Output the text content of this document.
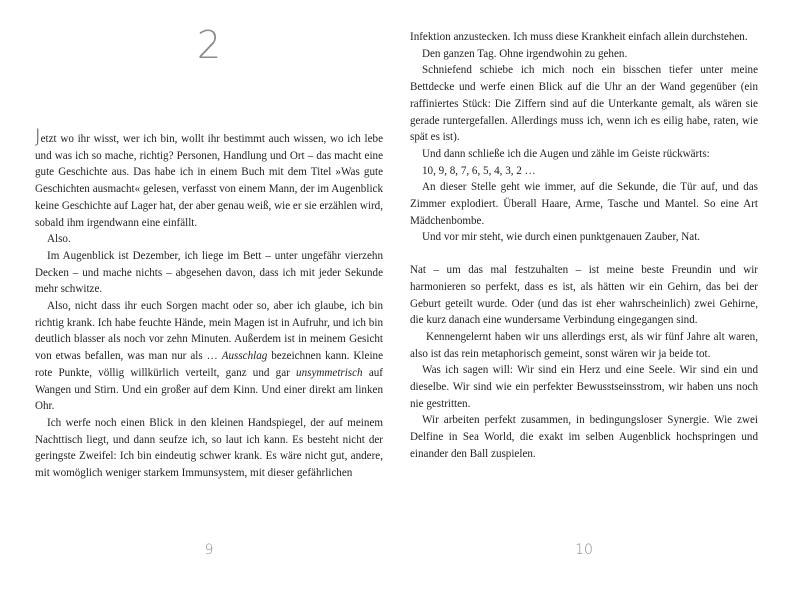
2

Jetzt wo ihr wisst, wer ich bin, wollt ihr bestimmt auch wissen, wo ich lebe und was ich so mache, richtig? Personen, Handlung und Ort – das macht eine gute Geschichte aus. Das habe ich in einem Buch mit dem Titel »Was gute Geschichten ausmacht« gelesen, verfasst von einem Mann, der im Augenblick keine Geschichte auf Lager hat, der aber genau weiß, wie er sie erzählen wird, sobald ihm irgendwann eine einfällt.

Also.

Im Augenblick ist Dezember, ich liege im Bett – unter ungefähr vierzehn Decken – und mache nichts – abgesehen davon, dass ich mit jeder Sekunde mehr schwitze.

Also, nicht dass ihr euch Sorgen macht oder so, aber ich glaube, ich bin richtig krank. Ich habe feuchte Hände, mein Magen ist in Aufruhr, und ich bin deutlich blasser als noch vor zehn Minuten. Außerdem ist in meinem Gesicht von etwas befallen, was man nur als … Ausschlag bezeichnen kann. Kleine rote Punkte, völlig willkürlich verteilt, ganz und gar unsymmetrisch auf Wangen und Stirn. Und ein großer auf dem Kinn. Und einer direkt am linken Ohr.

Ich werfe noch einen Blick in den kleinen Handspiegel, der auf meinem Nachttisch liegt, und dann seufze ich, so laut ich kann. Es besteht nicht der geringste Zweifel: Ich bin eindeutig schwer krank. Es wäre nicht gut, andere, mit womöglich weniger starkem Immunsystem, mit dieser gefährlichen

9

Infektion anzustecken. Ich muss diese Krankheit einfach allein durchstehen.

Den ganzen Tag. Ohne irgendwohin zu gehen.

Schniefend schiebe ich mich noch ein bisschen tiefer unter meine Bettdecke und werfe einen Blick auf die Uhr an der Wand gegenüber (ein raffiniertes Stück: Die Ziffern sind auf die Unterkante gemalt, als wären sie gerade runtergefallen. Allerdings muss ich, wenn ich es eilig habe, raten, wie spät es ist).

Und dann schließe ich die Augen und zähle im Geiste rückwärts:

10, 9, 8, 7, 6, 5, 4, 3, 2 …

An dieser Stelle geht wie immer, auf die Sekunde, die Tür auf, und das Zimmer explodiert. Überall Haare, Arme, Tasche und Mantel. So eine Art Mädchenbombe.

Und vor mir steht, wie durch einen punktgenauen Zauber, Nat.

Nat – um das mal festzuhalten – ist meine beste Freundin und wir harmonieren so perfekt, dass es ist, als hätten wir ein Gehirn, das bei der Geburt geteilt wurde. Oder (und das ist eher wahrscheinlich) zwei Gehirne, die kurz danach eine wundersame Verbindung eingegangen sind.

Kennengelernt haben wir uns allerdings erst, als wir fünf Jahre alt waren, also ist das rein metaphorisch gemeint, sonst wären wir ja beide tot.

Was ich sagen will: Wir sind ein Herz und eine Seele. Wir sind ein und dieselbe. Wir sind wie ein perfekter Bewusstseinsstrom, wir haben uns noch nie gestritten.

Wir arbeiten perfekt zusammen, in bedingungsloser Synergie. Wie zwei Delfine in Sea World, die exakt im selben Augenblick hochspringen und einander den Ball zuspielen.

10
